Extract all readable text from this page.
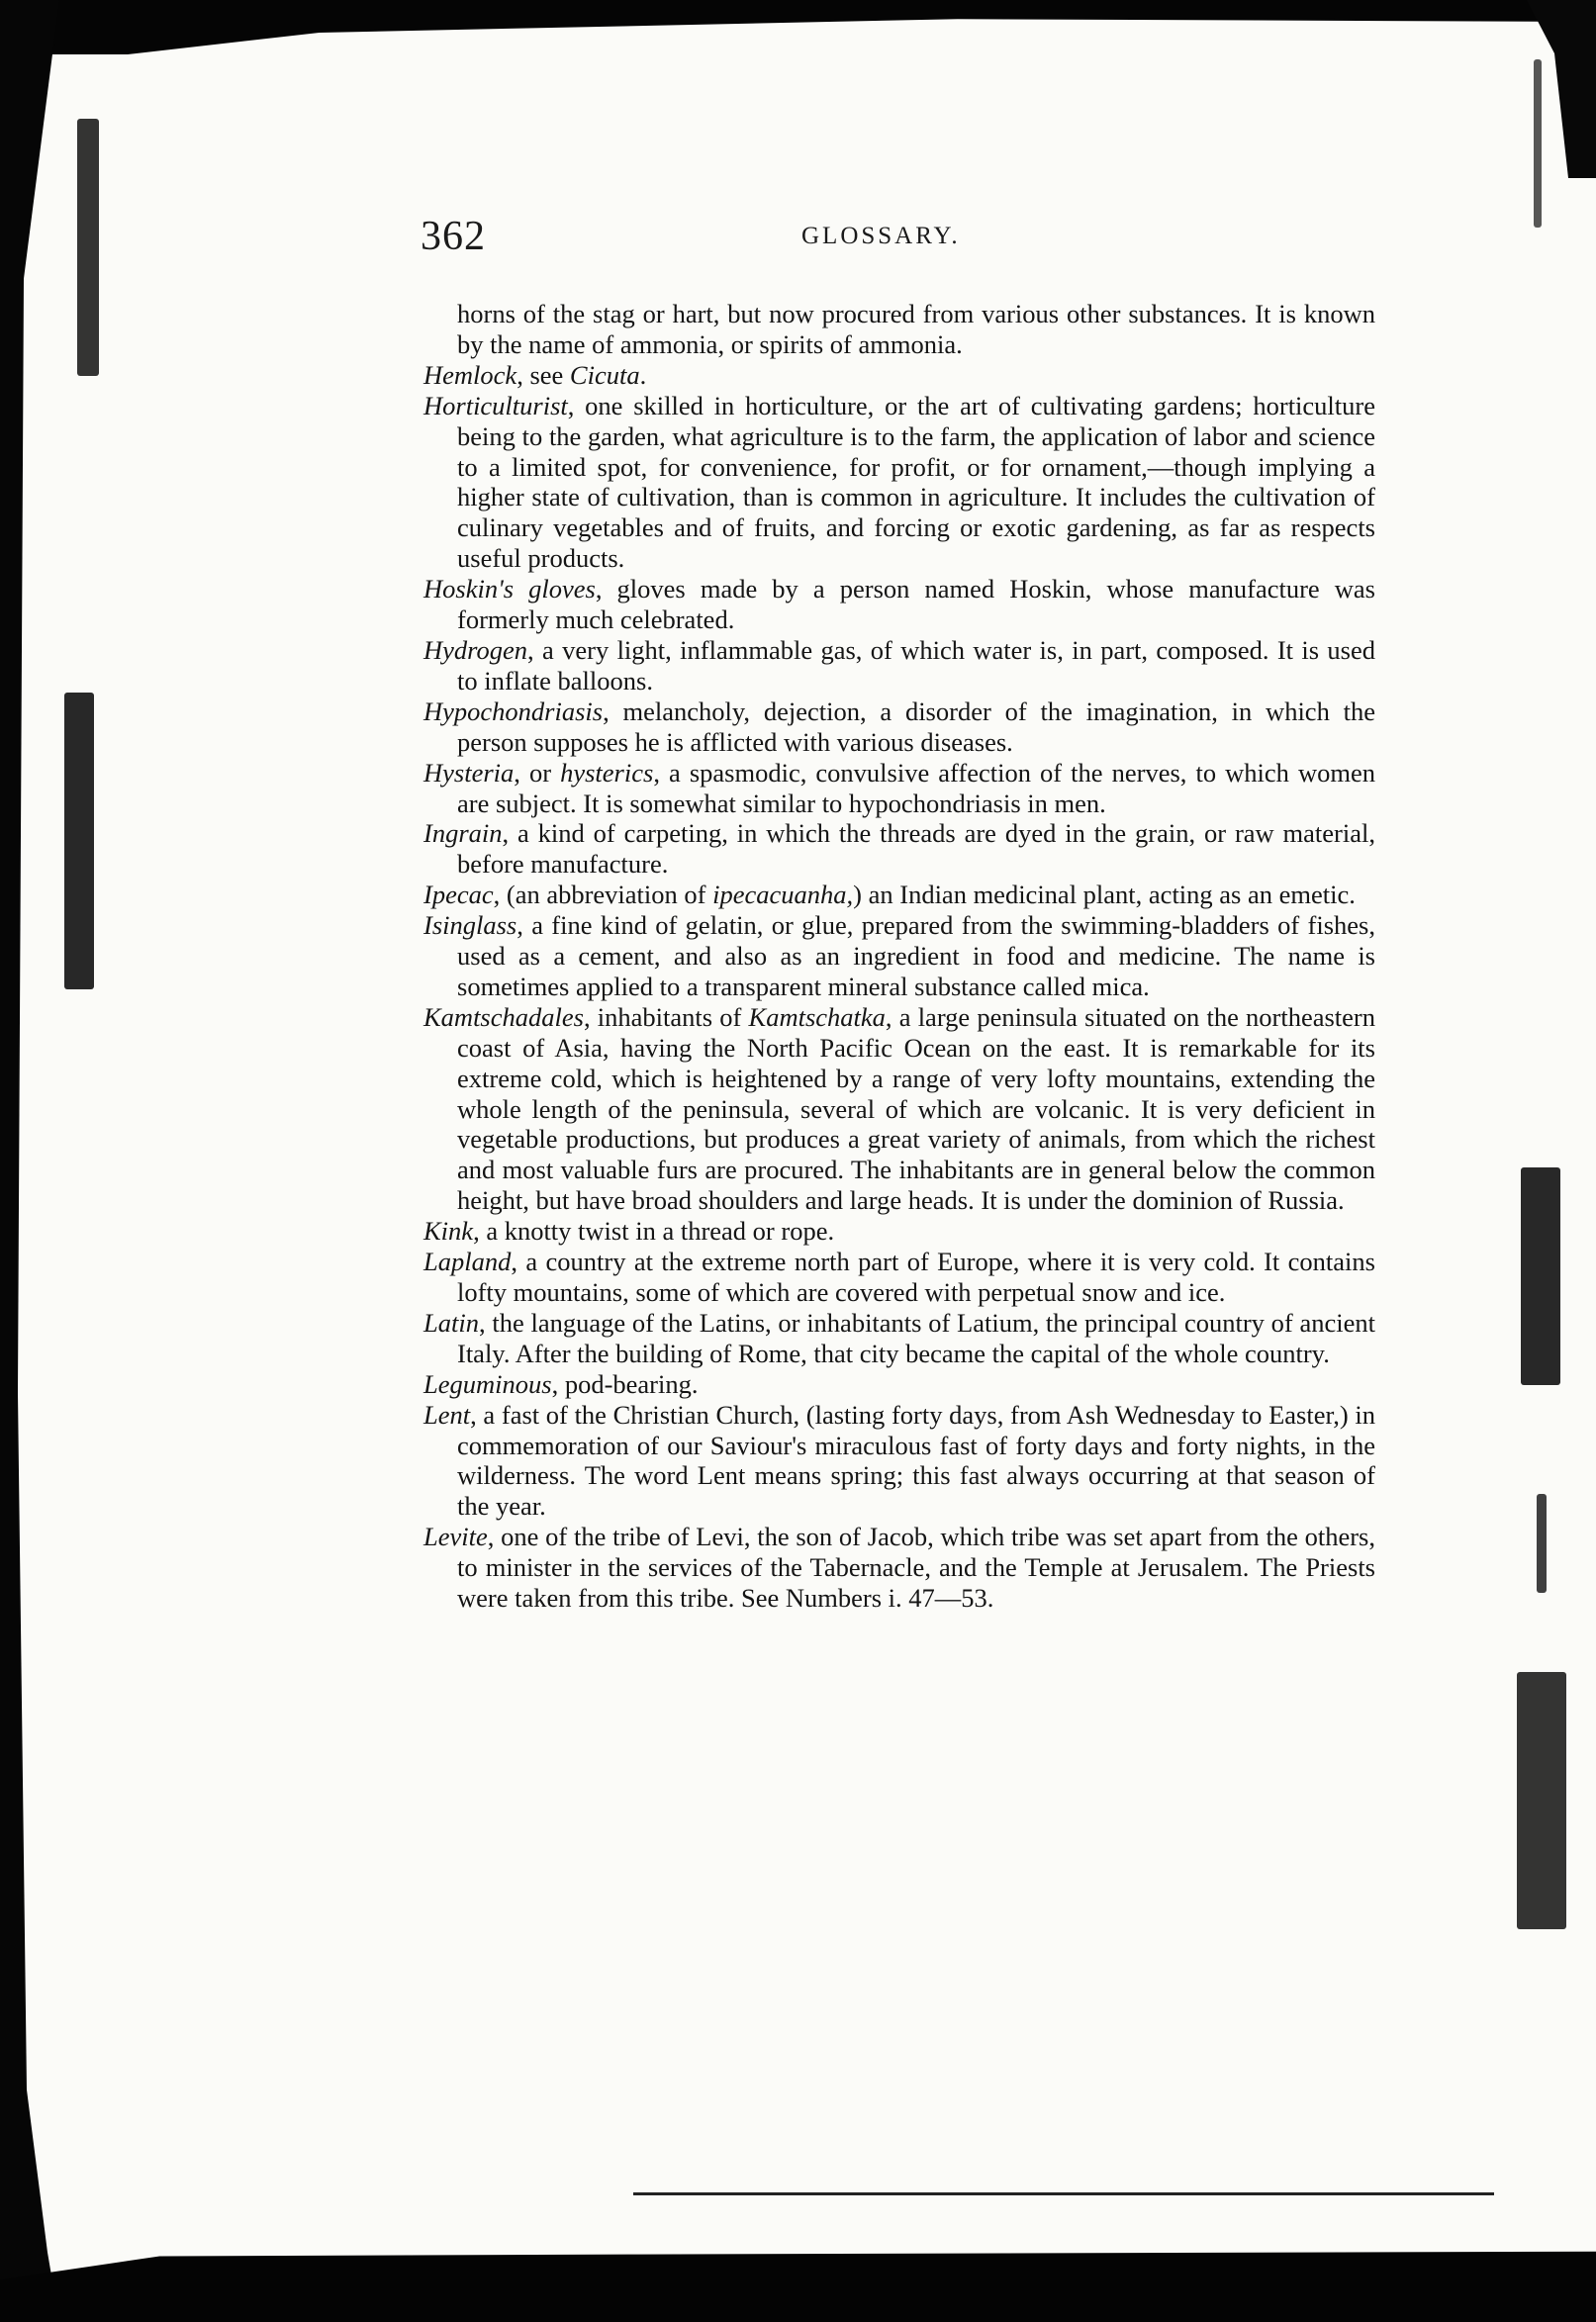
362	GLOSSARY.

horns of the stag or hart, but now procured from various other substances. It is known by the name of ammonia, or spirits of ammonia.

Hemlock, see Cicuta.

Horticulturist, one skilled in horticulture, or the art of cultivating gardens; horticulture being to the garden, what agriculture is to the farm, the application of labor and science to a limited spot, for convenience, for profit, or for ornament,—though implying a higher state of cultivation, than is common in agriculture. It includes the cultivation of culinary vegetables and of fruits, and forcing or exotic gardening, as far as respects useful products.

Hoskin's gloves, gloves made by a person named Hoskin, whose manufacture was formerly much celebrated.

Hydrogen, a very light, inflammable gas, of which water is, in part, composed. It is used to inflate balloons.

Hypochondriasis, melancholy, dejection, a disorder of the imagination, in which the person supposes he is afflicted with various diseases.

Hysteria, or hysterics, a spasmodic, convulsive affection of the nerves, to which women are subject. It is somewhat similar to hypochondriasis in men.

Ingrain, a kind of carpeting, in which the threads are dyed in the grain, or raw material, before manufacture.

Ipecac, (an abbreviation of ipecacuanha,) an Indian medicinal plant, acting as an emetic.

Isinglass, a fine kind of gelatin, or glue, prepared from the swimming-bladders of fishes, used as a cement, and also as an ingredient in food and medicine. The name is sometimes applied to a transparent mineral substance called mica.

Kamtschadales, inhabitants of Kamtschatka, a large peninsula situated on the northeastern coast of Asia, having the North Pacific Ocean on the east. It is remarkable for its extreme cold, which is heightened by a range of very lofty mountains, extending the whole length of the peninsula, several of which are volcanic. It is very deficient in vegetable productions, but produces a great variety of animals, from which the richest and most valuable furs are procured. The inhabitants are in general below the common height, but have broad shoulders and large heads. It is under the dominion of Russia.

Kink, a knotty twist in a thread or rope.

Lapland, a country at the extreme north part of Europe, where it is very cold. It contains lofty mountains, some of which are covered with perpetual snow and ice.

Latin, the language of the Latins, or inhabitants of Latium, the principal country of ancient Italy. After the building of Rome, that city became the capital of the whole country.

Leguminous, pod-bearing.

Lent, a fast of the Christian Church, (lasting forty days, from Ash Wednesday to Easter,) in commemoration of our Saviour's miraculous fast of forty days and forty nights, in the wilderness. The word Lent means spring; this fast always occurring at that season of the year.

Levite, one of the tribe of Levi, the son of Jacob, which tribe was set apart from the others, to minister in the services of the Tabernacle, and the Temple at Jerusalem. The Priests were taken from this tribe. See Numbers i. 47—53.
